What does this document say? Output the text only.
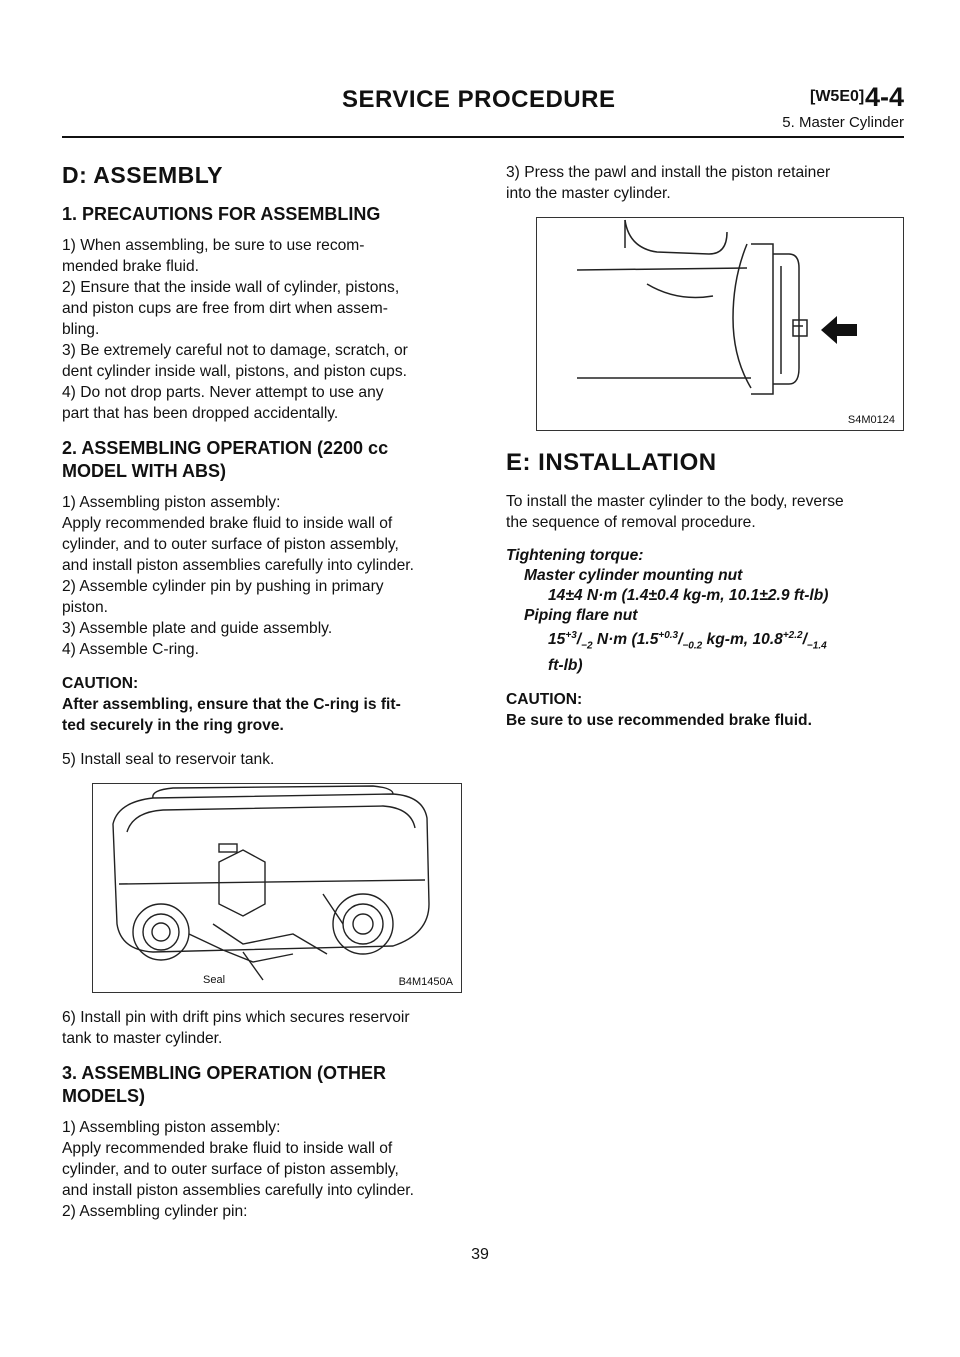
SERVICE PROCEDURE	[W5E0] 4-4
5. Master Cylinder
D: ASSEMBLY
1. PRECAUTIONS FOR ASSEMBLING

1) When assembling, be sure to use recom-

mended brake fluid.

2) Ensure that the inside wall of cylinder, pistons,

and piston cups are free from dirt when assem-

bling.

3) Be extremely careful not to damage, scratch, or

dent cylinder inside wall, pistons, and piston cups.

4) Do not drop parts. Never attempt to use any

part that has been dropped accidentally.

2. ASSEMBLING OPERATION (2200 cc
MODEL WITH ABS)

1) Assembling piston assembly:

Apply recommended brake fluid to inside wall of

cylinder, and to outer surface of piston assembly,

and install piston assemblies carefully into cylinder.

2) Assemble cylinder pin by pushing in primary

piston.

3) Assemble plate and guide assembly.

4) Assemble C-ring.

CAUTION:

After assembling, ensure that the C-ring is fit-

ted securely in the ring grove.

5) Install seal to reservoir tank.

Seal	B4M1450A

6) Install pin with drift pins which secures reservoir

tank to master cylinder.

3. ASSEMBLING OPERATION (OTHER
MODELS)

1) Assembling piston assembly:

Apply recommended brake fluid to inside wall of

cylinder, and to outer surface of piston assembly,

and install piston assemblies carefully into cylinder.

2) Assembling cylinder pin:

3) Press the pawl and install the piston retainer

into the master cylinder.

S4M0124
E: INSTALLATION

To install the master cylinder to the body, reverse

the sequence of removal procedure.

Tightening torque:

Master cylinder mounting nut

14±4 N·m (1.4±0.4 kg-m, 10.1±2.9 ft-lb)

Piping flare nut

$15^{+3}/_{-2}$ N·m ($1.5^{+0.3}/_{-0.2}$ kg-m, $10.8^{+2.2}/_{-1.4}$

ft-lb)

CAUTION:

Be sure to use recommended brake fluid.

39
